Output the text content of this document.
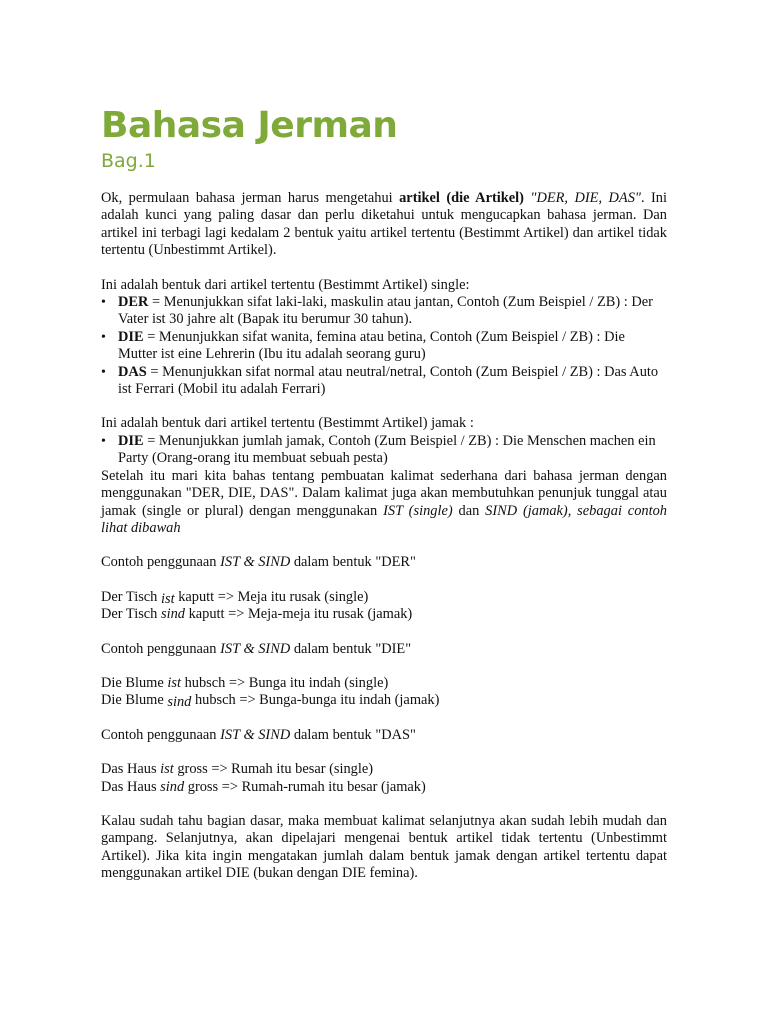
Bahasa Jerman
Bag.1

Ok, permulaan bahasa jerman harus mengetahui artikel (die Artikel) "DER, DIE, DAS". Ini adalah kunci yang paling dasar dan perlu diketahui untuk mengucapkan bahasa jerman. Dan artikel ini terbagi lagi kedalam 2 bentuk yaitu artikel tertentu (Bestimmt Artikel) dan artikel tidak tertentu (Unbestimmt Artikel).

Ini adalah bentuk dari artikel tertentu (Bestimmt Artikel) single:

• DER = Menunjukkan sifat laki-laki, maskulin atau jantan, Contoh (Zum Beispiel / ZB) : Der Vater ist 30 jahre alt (Bapak itu berumur 30 tahun).
• DIE = Menunjukkan sifat wanita, femina atau betina, Contoh (Zum Beispiel / ZB) : Die Mutter ist eine Lehrerin (Ibu itu adalah seorang guru)
• DAS = Menunjukkan sifat normal atau neutral/netral, Contoh (Zum Beispiel / ZB) : Das Auto ist Ferrari (Mobil itu adalah Ferrari)

Ini adalah bentuk dari artikel tertentu (Bestimmt Artikel) jamak :

• DIE = Menunjukkan jumlah jamak, Contoh (Zum Beispiel / ZB) : Die Menschen machen ein Party (Orang-orang itu membuat sebuah pesta)

Setelah itu mari kita bahas tentang pembuatan kalimat sederhana dari bahasa jerman dengan menggunakan "DER, DIE, DAS". Dalam kalimat juga akan membutuhkan penunjuk tunggal atau jamak (single or plural) dengan menggunakan IST (single) dan SIND (jamak), sebagai contoh lihat dibawah

Contoh penggunaan IST & SIND dalam bentuk "DER"

Der Tisch ist kaputt => Meja itu rusak (single)

Der Tisch sind kaputt => Meja-meja itu rusak (jamak)

Contoh penggunaan IST & SIND dalam bentuk "DIE"

Die Blume ist hubsch => Bunga itu indah (single)

Die Blume sind hubsch => Bunga-bunga itu indah (jamak)

Contoh penggunaan IST & SIND dalam bentuk "DAS"

Das Haus ist gross => Rumah itu besar (single)

Das Haus sind gross => Rumah-rumah itu besar (jamak)

Kalau sudah tahu bagian dasar, maka membuat kalimat selanjutnya akan sudah lebih mudah dan gampang. Selanjutnya, akan dipelajari mengenai bentuk artikel tidak tertentu (Unbestimmt Artikel). Jika kita ingin mengatakan jumlah dalam bentuk jamak dengan artikel tertentu dapat menggunakan artikel DIE (bukan dengan DIE femina).
